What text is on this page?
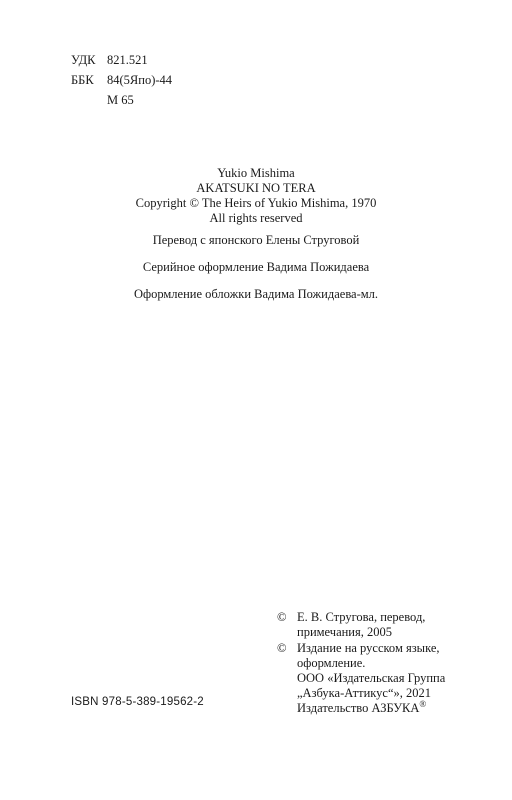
УДК 821.521
ББК	84(5Япо)-44
М 65
Yukio Mishima
AKATSUKI NO TERA
Copyright © The Heirs of Yukio Mishima, 1970
All rights reserved
Перевод с японского Елены Струговой
Серийное оформление Вадима Пожидаева
Оформление обложки Вадима Пожидаева-мл.
© Е. В. Стругова, перевод,
примечания, 2005
© Издание на русском языке,
оформление.
ООО «Издательская Группа
„Азбука-Аттикус“», 2021
Издательство АЗБУКА®
ISBN 978-5-389-19562-2
